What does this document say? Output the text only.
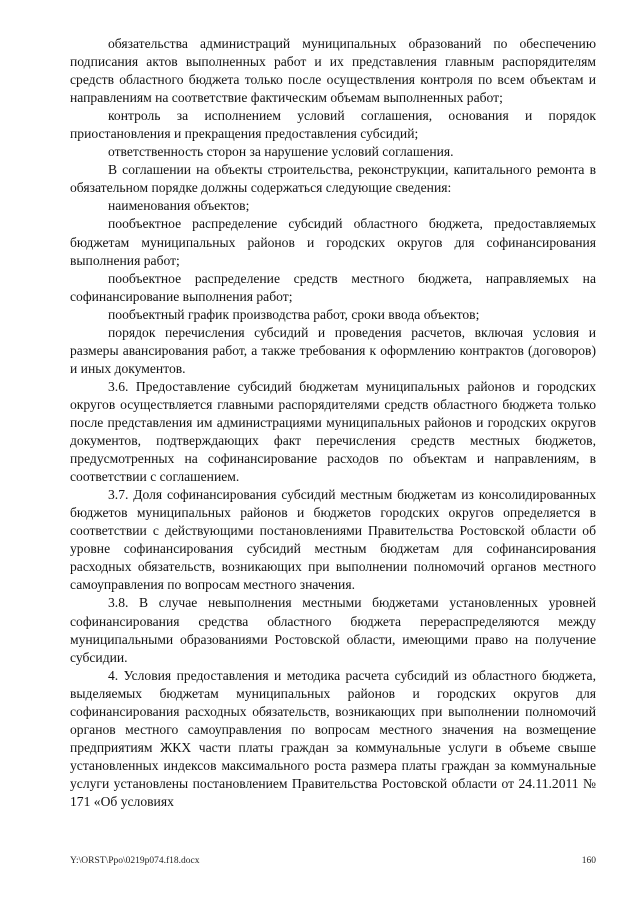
обязательства администраций муниципальных образований по обеспечению подписания актов выполненных работ и их представления главным распорядителям средств областного бюджета только после осуществления контроля по всем объектам и направлениям на соответствие фактическим объемам выполненных работ;

контроль за исполнением условий соглашения, основания и порядок приостановления и прекращения предоставления субсидий;

ответственность сторон за нарушение условий соглашения.

В соглашении на объекты строительства, реконструкции, капитального ремонта в обязательном порядке должны содержаться следующие сведения:

наименования объектов;

пообъектное распределение субсидий областного бюджета, предоставляемых бюджетам муниципальных районов и городских округов для софинансирования выполнения работ;

пообъектное распределение средств местного бюджета, направляемых на софинансирование выполнения работ;

пообъектный график производства работ, сроки ввода объектов;

порядок перечисления субсидий и проведения расчетов, включая условия и размеры авансирования работ, а также требования к оформлению контрактов (договоров) и иных документов.

3.6. Предоставление субсидий бюджетам муниципальных районов и городских округов осуществляется главными распорядителями средств областного бюджета только после представления им администрациями муниципальных районов и городских округов документов, подтверждающих факт перечисления средств местных бюджетов, предусмотренных на софинансирование расходов по объектам и направлениям, в соответствии с соглашением.

3.7. Доля софинансирования субсидий местным бюджетам из консолидированных бюджетов муниципальных районов и бюджетов городских округов определяется в соответствии с действующими постановлениями Правительства Ростовской области об уровне софинансирования субсидий местным бюджетам для софинансирования расходных обязательств, возникающих при выполнении полномочий органов местного самоуправления по вопросам местного значения.

3.8. В случае невыполнения местными бюджетами установленных уровней софинансирования средства областного бюджета перераспределяются между муниципальными образованиями Ростовской области, имеющими право на получение субсидии.

4. Условия предоставления и методика расчета субсидий из областного бюджета, выделяемых бюджетам муниципальных районов и городских округов для софинансирования расходных обязательств, возникающих при выполнении полномочий органов местного самоуправления по вопросам местного значения на возмещение предприятиям ЖКХ части платы граждан за коммунальные услуги в объеме свыше установленных индексов максимального роста размера платы граждан за коммунальные услуги установлены постановлением Правительства Ростовской области от 24.11.2011 № 171 «Об условиях

Y:\ORST\Ppo\0219p074.f18.docx	160
